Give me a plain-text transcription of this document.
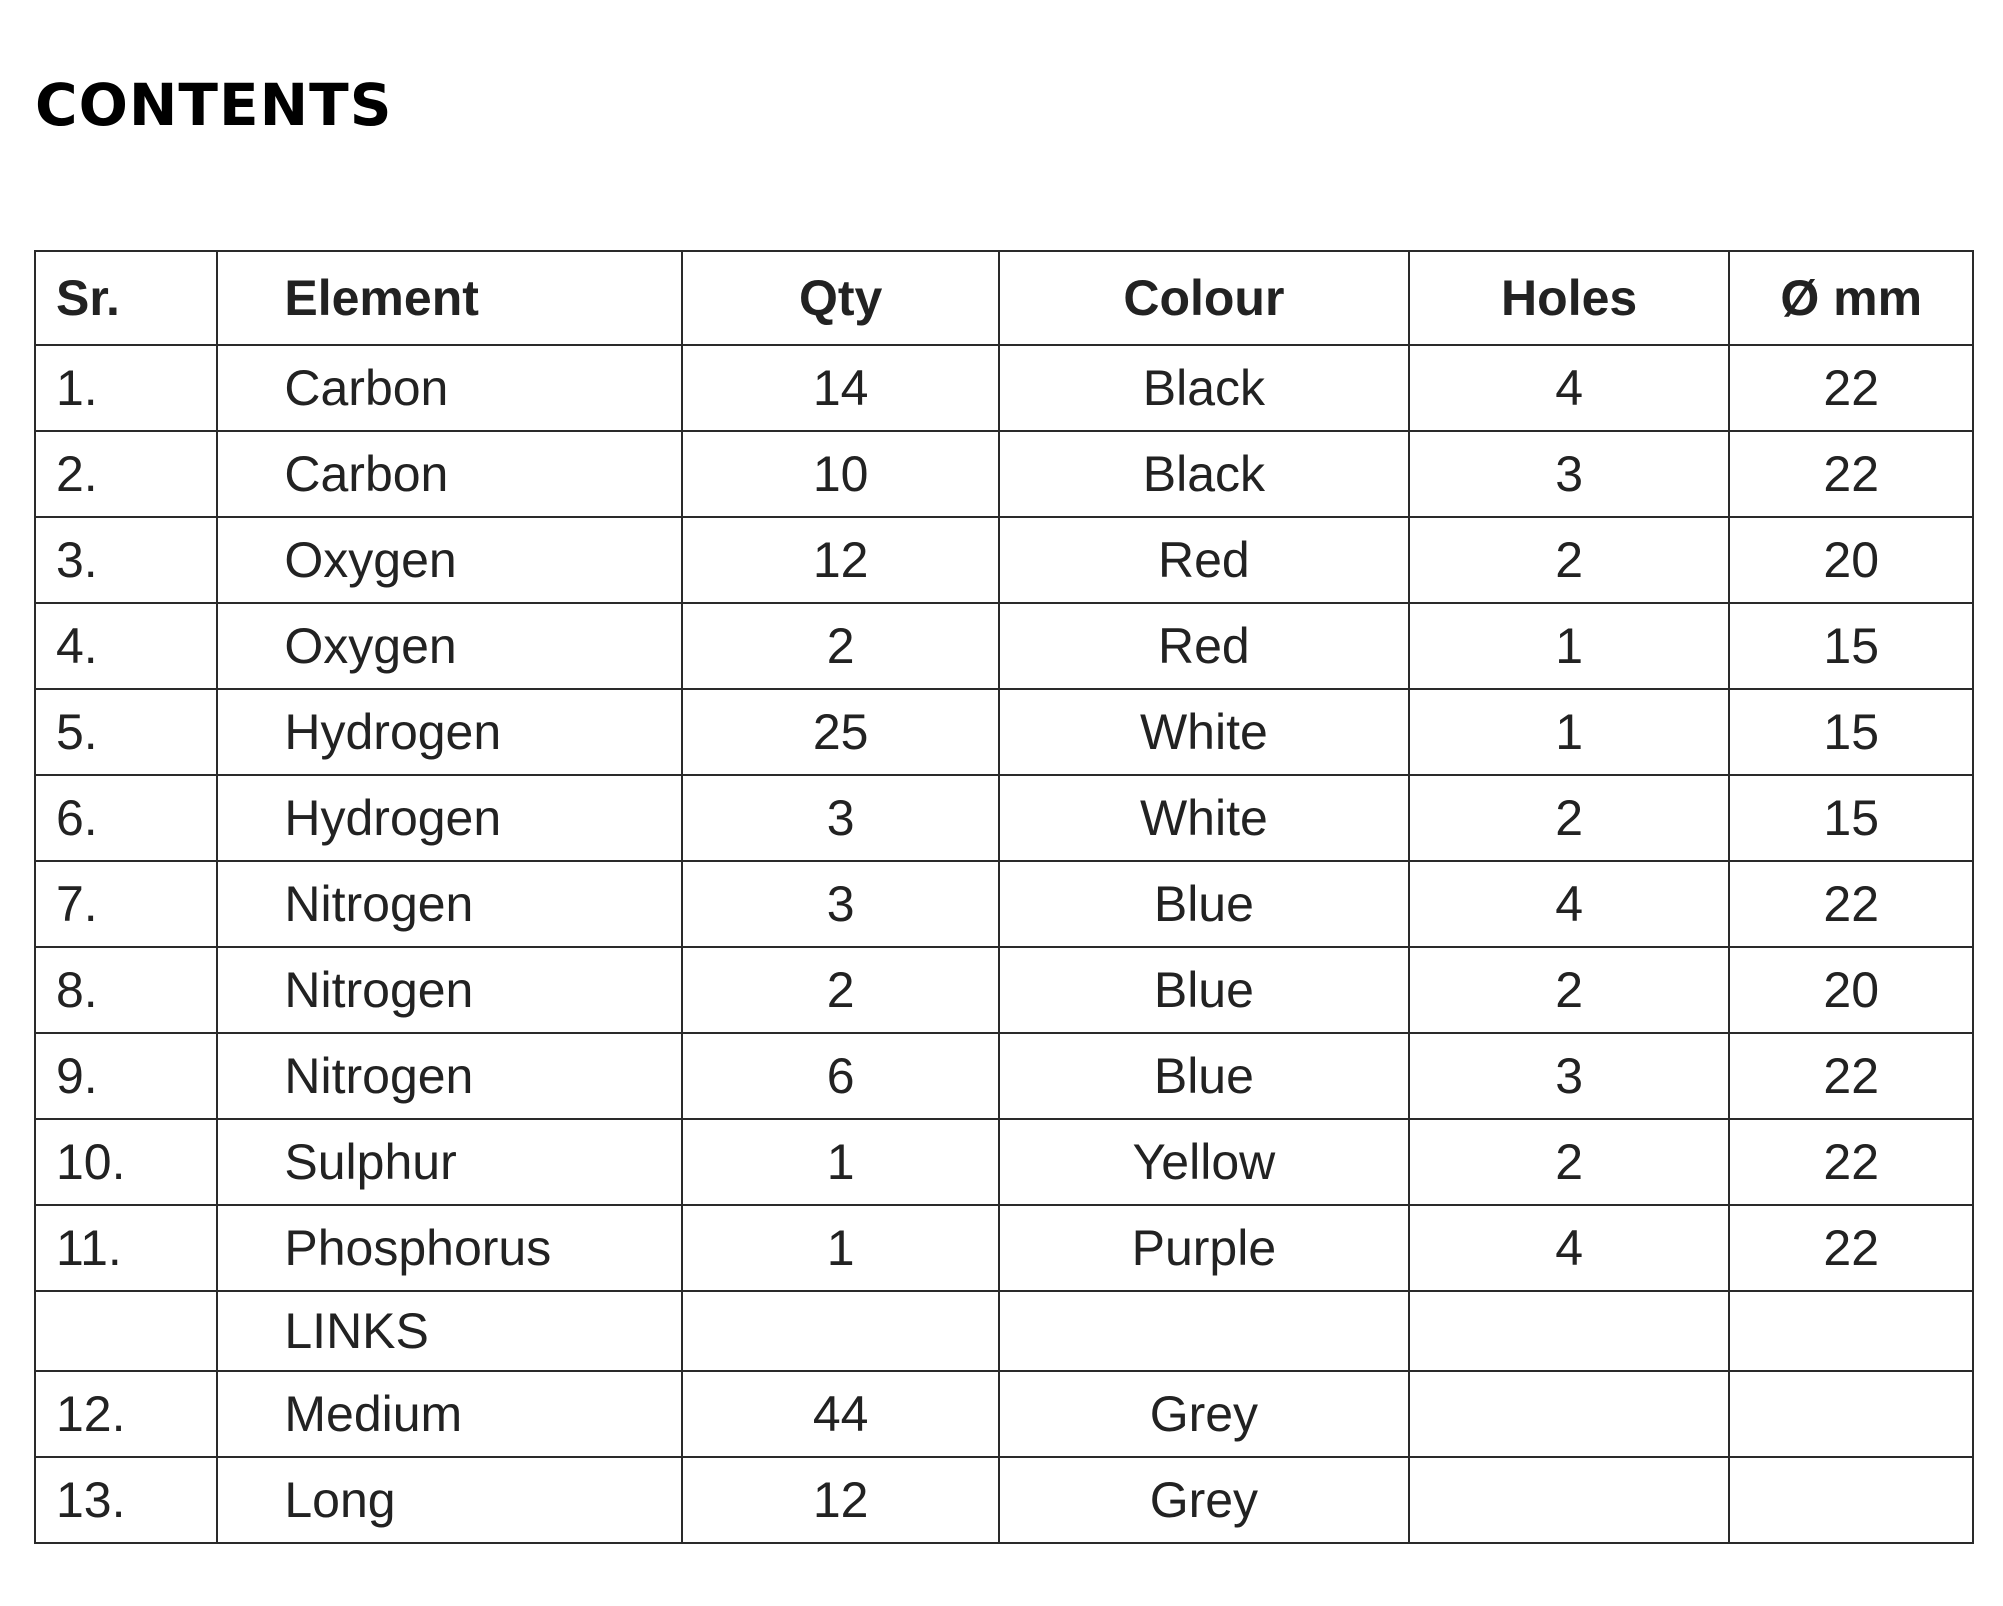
CONTENTS
Sr.	Element	Qty	Colour	Holes	Ø mm
1.	Carbon	14	Black	4	22
2.	Carbon	10	Black	3	22
3.	Oxygen	12	Red	2	20
4.	Oxygen	2	Red	1	15
5.	Hydrogen	25	White	1	15
6.	Hydrogen	3	White	2	15
7.	Nitrogen	3	Blue	4	22
8.	Nitrogen	2	Blue	2	20
9.	Nitrogen	6	Blue	3	22
10.	Sulphur	1	Yellow	2	22
11.	Phosphorus	1	Purple	4	22
	LINKS				
12.	Medium	44	Grey		
13.	Long	12	Grey		
